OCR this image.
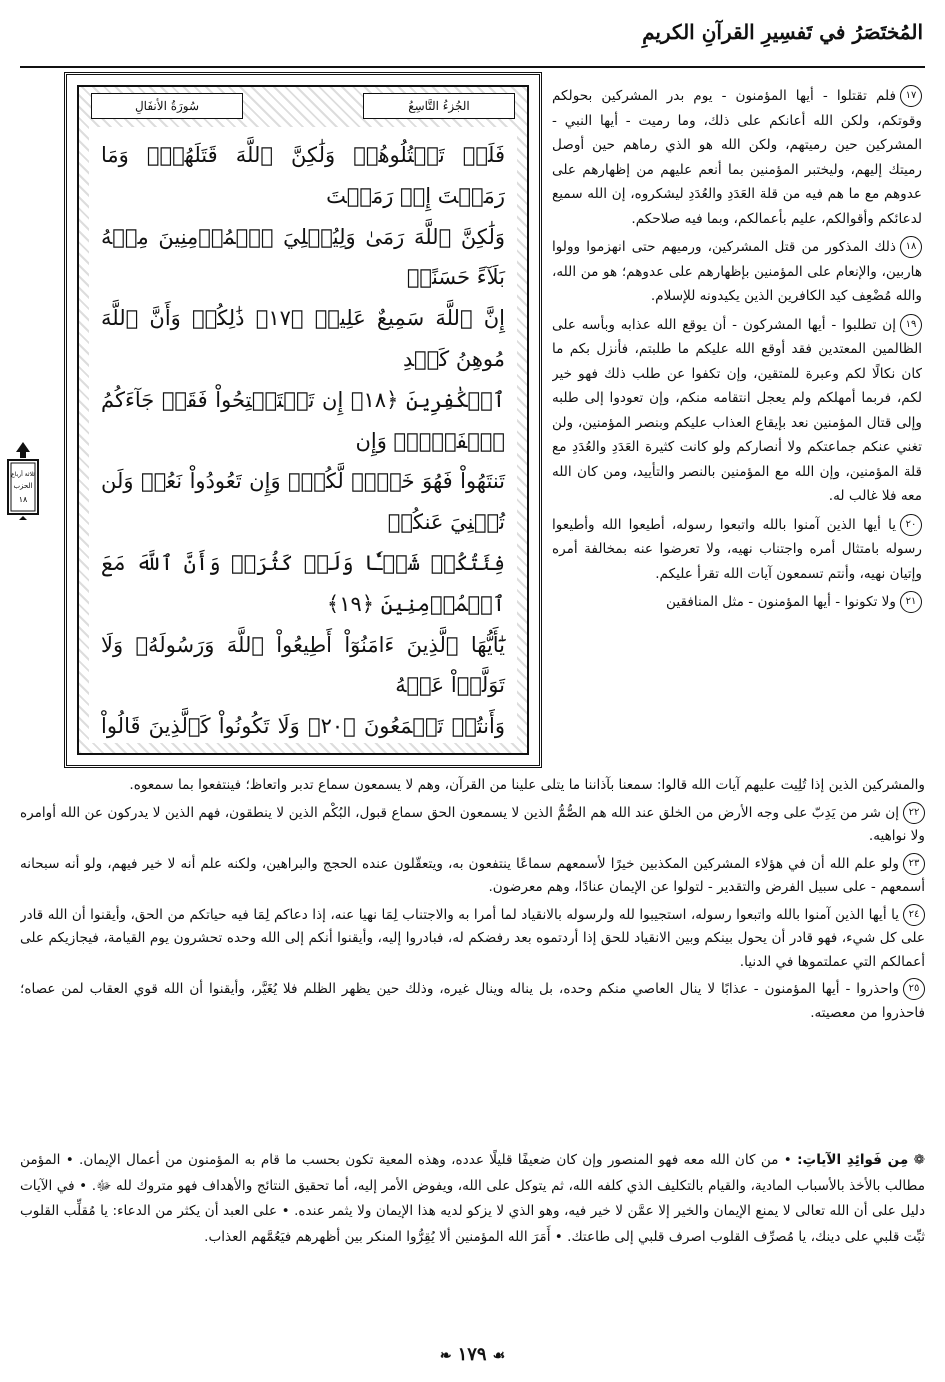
المُختَصَرُ في تَفسِيرِ القرآنِ الكريمِ
سُورَةُ الأنفَالِ	الجُزءُ التَّاسِعُ
فَلَمۡ تَقۡتُلُوهُمۡ وَلَٰكِنَّ ٱللَّهَ قَتَلَهُمۡۚ وَمَا رَمَيۡتَ إِذۡ رَمَيۡتَ
وَلَٰكِنَّ ٱللَّهَ رَمَىٰ وَلِيُبۡلِيَ ٱلۡمُؤۡمِنِينَ مِنۡهُ بَلَآءً حَسَنًاۚ
إِنَّ ٱللَّهَ سَمِيعٌ عَلِيمٞ ﴿١٧﴾ ذَٰلِكُمۡ وَأَنَّ ٱللَّهَ مُوهِنُ كَيۡدِ
ٱلۡكَٰفِرِينَ ﴿١٨﴾ إِن تَسۡتَفۡتِحُواْ فَقَدۡ جَآءَكُمُ ٱلۡفَتۡحُۖ وَإِن
تَنتَهُواْ فَهُوَ خَيۡرٞ لَّكُمۡۖ وَإِن تَعُودُواْ نَعُدۡ وَلَن تُغۡنِيَ عَنكُمۡ
فِئَتُكُمۡ شَيۡـٔٗا وَلَوۡ كَثُرَتۡ وَأَنَّ ٱللَّهَ مَعَ ٱلۡمُؤۡمِنِينَ ﴿١٩﴾
يَٰٓأَيُّهَا ٱلَّذِينَ ءَامَنُوٓاْ أَطِيعُواْ ٱللَّهَ وَرَسُولَهُۥ وَلَا تَوَلَّوۡاْ عَنۡهُ
وَأَنتُمۡ تَسۡمَعُونَ ﴿٢٠﴾ وَلَا تَكُونُواْ كَٱلَّذِينَ قَالُواْ
ثلاثة أرباع
الحزب
١٨

١٧فلم تقتلوا - أيها المؤمنون - يوم بدر المشركين بحولكم وقوتكم، ولكن الله أعانكم على ذلك، وما رميت - أيها النبي - المشركين حين رميتهم، ولكن الله هو الذي رماهم حين أوصل رميتك إليهم، وليختبر المؤمنين بما أنعم عليهم من إظهارهم على عدوهم مع ما هم فيه من قلة العَدَدِ والعُدَدِ ليشكروه، إن الله سميع لدعائكم وأقوالكم، عليم بأعمالكم، وبما فيه صلاحكم.

١٨ذلك المذكور من قتل المشركين، ورميهم حتى انهزموا وولوا هاربين، والإنعام على المؤمنين بإظهارهم على عدوهم؛ هو من الله، والله مُضْعِف كيد الكافرين الذين يكيدونه للإسلام.

١٩إن تطلبوا - أيها المشركون - أن يوقع الله عذابه وبأسه على الظالمين المعتدين فقد أوقع الله عليكم ما طلبتم، فأنزل بكم ما كان نكالًا لكم وعبرة للمتقين، وإن تكفوا عن طلب ذلك فهو خير لكم، فربما أمهلكم ولم يعجل انتقامه منكم، وإن تعودوا إلى طلبه وإلى قتال المؤمنين نعد بإيقاع العذاب عليكم وبنصر المؤمنين، ولن تغني عنكم جماعتكم ولا أنصاركم ولو كانت كثيرة العَدَدِ والعُدَدِ مع قلة المؤمنين، وإن الله مع المؤمنين بالنصر والتأييد، ومن كان الله معه فلا غالب له.

٢٠يا أيها الذين آمنوا بالله واتبعوا رسوله، أطيعوا الله وأطيعوا رسوله بامتثال أمره واجتناب نهيه، ولا تعرضوا عنه بمخالفة أمره وإتيان نهيه، وأنتم تسمعون آيات الله تقرأ عليكم.

٢١ولا تكونوا - أيها المؤمنون - مثل المنافقين

والمشركين الذين إذا تُلِيت عليهم آيات الله قالوا: سمعنا بآذاننا ما يتلى علينا من القرآن، وهم لا يسمعون سماع تدبر واتعاظ؛ فينتفعوا بما سمعوه.

٢٢إن شر من يَدِبّ على وجه الأرض من الخلق عند الله هم الصُّمُّ الذين لا يسمعون الحق سماع قبول، البُكْم الذين لا ينطقون، فهم الذين لا يدركون عن الله أوامره ولا نواهيه.

٢٣ولو علم الله أن في هؤلاء المشركين المكذبين خيرًا لأسمعهم سماعًا ينتفعون به، ويتعقّلون عنده الحجج والبراهين، ولكنه علم أنه لا خير فيهم، ولو أنه سبحانه أسمعهم - على سبيل الفرض والتقدير - لتولوا عن الإيمان عنادًا، وهم معرضون.

٢٤يا أيها الذين آمنوا بالله واتبعوا رسوله، استجيبوا لله ولرسوله بالانقياد لما أمرا به والاجتناب لِمَا نهيا عنه، إذا دعاكم لِمَا فيه حياتكم من الحق، وأيقنوا أن الله قادر على كل شيء، فهو قادر أن يحول بينكم وبين الانقياد للحق إذا أردتموه بعد رفضكم له، فبادروا إليه، وأيقنوا أنكم إلى الله وحده تحشرون يوم القيامة، فيجازيكم على أعمالكم التي عملتموها في الدنيا.

٢٥واحذروا - أيها المؤمنون - عذابًا لا ينال العاصي منكم وحده، بل يناله وينال غيره، وذلك حين يظهر الظلم فلا يُغَيَّر، وأيقنوا أن الله قوي العقاب لمن عصاه؛ فاحذروا من معصيته.

❁ مِن فَوائِدِ الآياتِ: • من كان الله معه فهو المنصور وإن كان ضعيفًا قليلًا عدده، وهذه المعية تكون بحسب ما قام به المؤمنون من أعمال الإيمان. • المؤمن مطالب بالأخذ بالأسباب المادية، والقيام بالتكليف الذي كلفه الله، ثم يتوكل على الله، ويفوض الأمر إليه، أما تحقيق النتائج والأهداف فهو متروك لله ﷻ. • في الآيات دليل على أن الله تعالى لا يمنع الإيمان والخير إلا عمَّن لا خير فيه، وهو الذي لا يزكو لديه هذا الإيمان ولا يثمر عنده. • على العبد أن يكثر من الدعاء: يا مُقلِّب القلوب ثبِّت قلبي على دينك، يا مُصرِّف القلوب اصرف قلبي إلى طاعتك. • أَمَرَ الله المؤمنين ألا يُقِرُّوا المنكر بين أظهرهم فيَعُمَّهم العذاب.
❧ ١٧٩ ☙
